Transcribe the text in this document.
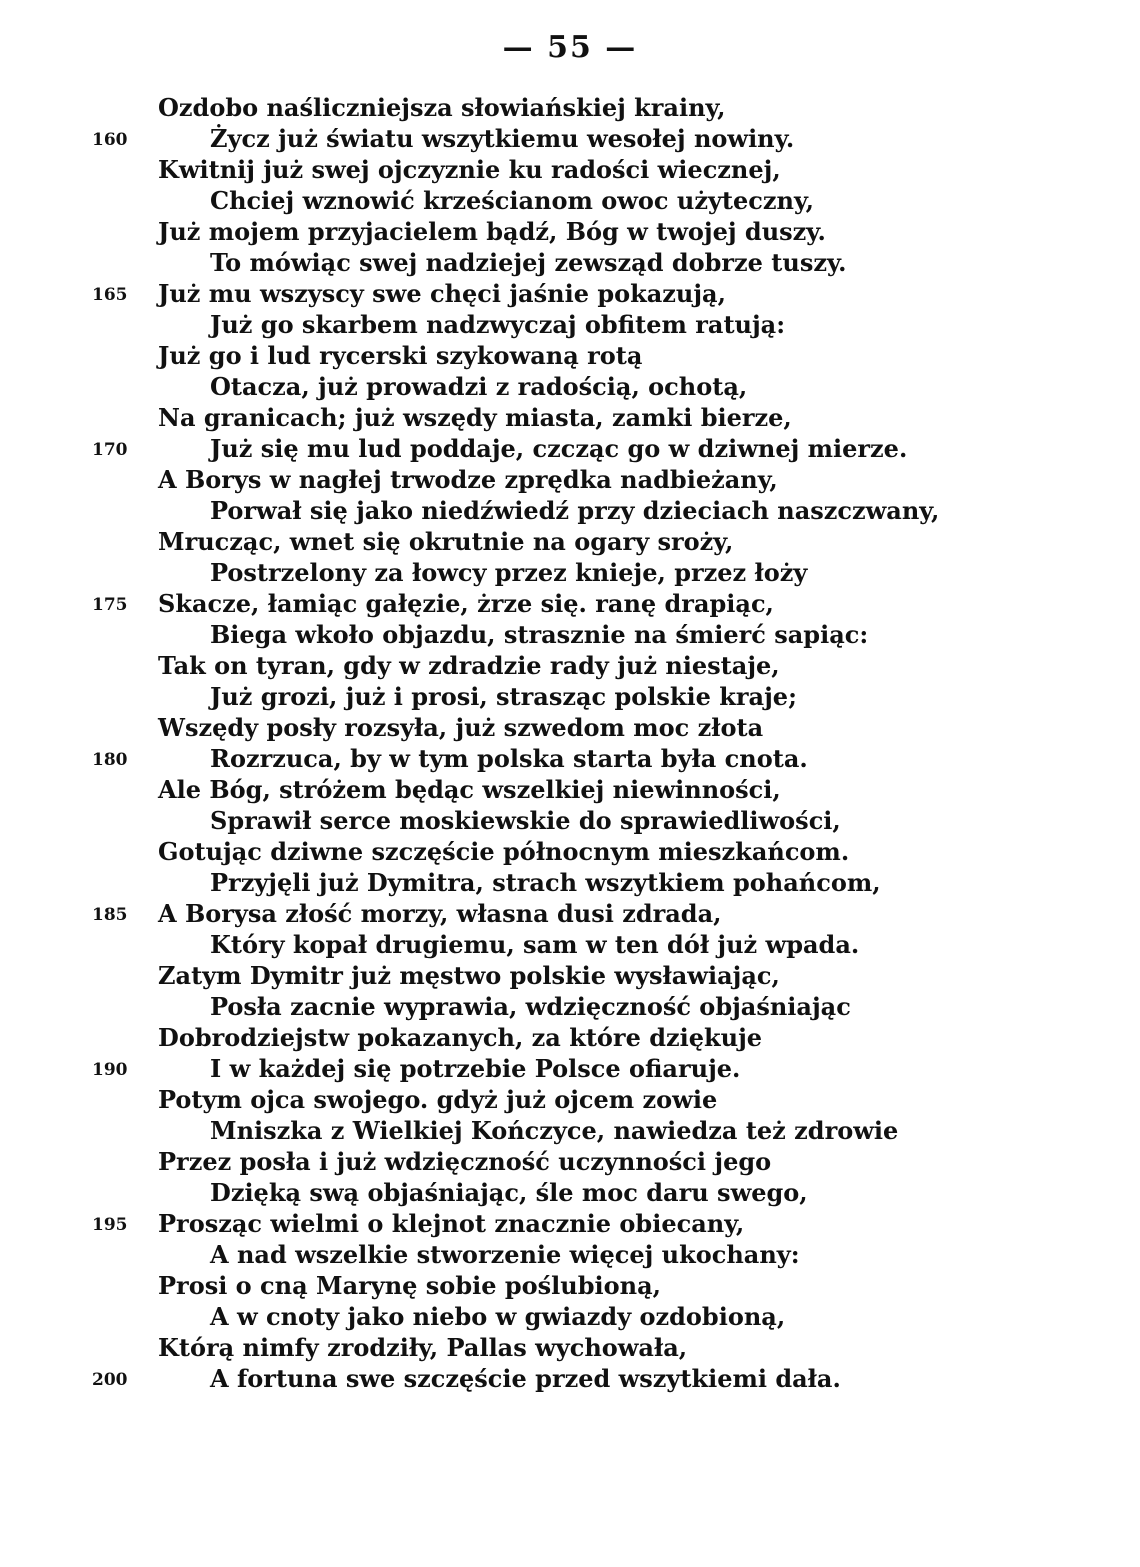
— 55 —
Ozdobo naśliczniejsza słowiańskiej krainy,
160	Życz już światu wszytkiemu wesołej nowiny.
Kwitnij już swej ojczyznie ku radości wiecznej,
Chciej wznowić krześcianom owoc użyteczny,
Już mojem przyjacielem bądź, Bóg w twojej duszy.
To mówiąc swej nadziejej zewsząd dobrze tuszy.
165 Już mu wszyscy swe chęci jaśnie pokazują,
Już go skarbem nadzwyczaj obfitem ratują:
Już go i lud rycerski szykowaną rotą
Otacza, już prowadzi z radością, ochotą,
Na granicach; już wszędy miasta, zamki bierze,
170	Już się mu lud poddaje, czcząc go w dziwnej mierze.
A Borys w nagłej trwodze zprędka nadbieżany,
Porwał się jako niedźwiedź przy dzieciach naszczwany,
Mrucząc, wnet się okrutnie na ogary sroży,
Postrzelony za łowcy przez knieje, przez łoży
175 Skacze, łamiąc gałęzie, żrze się. ranę drapiąc,
Biega wkoło objazdu, strasznie na śmierć sapiąc:
Tak on tyran, gdy w zdradzie rady już niestaje,
Już grozi, już i prosi, strasząc polskie kraje;
Wszędy posły rozsyła, już szwedom moc złota
180	Rozrzuca, by w tym polska starta była cnota.
Ale Bóg, stróżem będąc wszelkiej niewinności,
Sprawił serce moskiewskie do sprawiedliwości,
Gotując dziwne szczęście północnym mieszkańcom.
Przyjęli już Dymitra, strach wszytkiem pohańcom,
185 A Borysa złość morzy, własna dusi zdrada,
Który kopał drugiemu, sam w ten dół już wpada.
Zatym Dymitr już męstwo polskie wysławiając,
Posła zacnie wyprawia, wdzięczność objaśniając
Dobrodziejstw pokazanych, za które dziękuje
190	I w każdej się potrzebie Polsce ofiaruje.
Potym ojca swojego. gdyż już ojcem zowie
Mniszka z Wielkiej Kończyce, nawiedza też zdrowie
Przez posła i już wdzięczność uczynności jego
Dzięką swą objaśniając, śle moc daru swego,
195 Prosząc wielmi o klejnot znacznie obiecany,
A nad wszelkie stworzenie więcej ukochany:
Prosi o cną Marynę sobie poślubioną,
A w cnoty jako niebo w gwiazdy ozdobioną,
Którą nimfy zrodziły, Pallas wychowała,
200	A fortuna swe szczęście przed wszytkiemi dała.
